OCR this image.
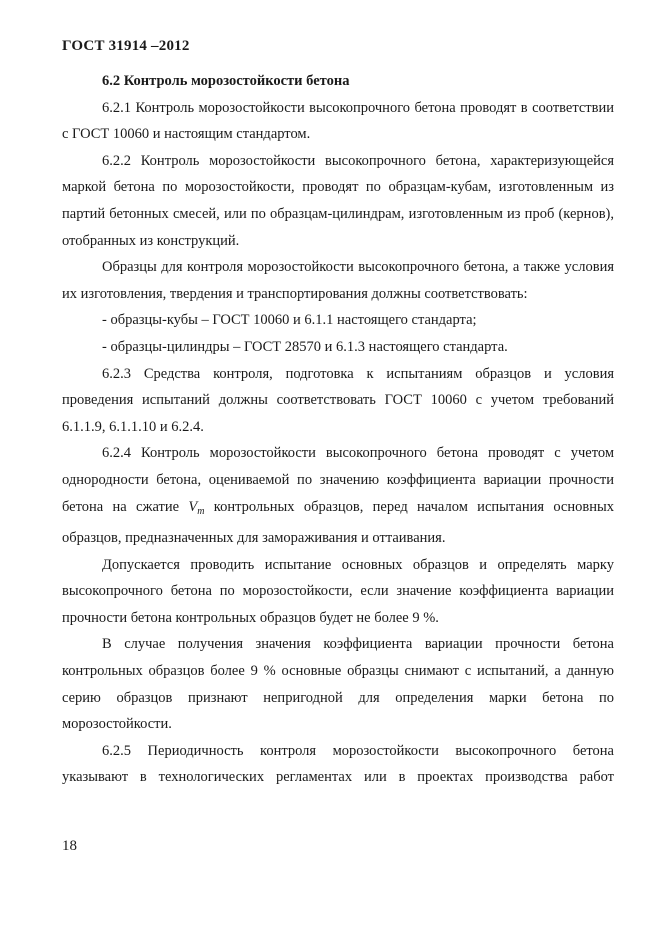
ГОСТ 31914 –2012

6.2 Контроль морозостойкости бетона

6.2.1 Контроль морозостойкости высокопрочного бетона проводят в соответствии с ГОСТ 10060 и настоящим стандартом.

6.2.2 Контроль морозостойкости высокопрочного бетона, характеризующейся маркой бетона по морозостойкости, проводят по образцам-кубам, изготовленным из партий бетонных смесей, или по образцам-цилиндрам, изготовленным из проб (кернов), отобранных из конструкций.

Образцы для контроля морозостойкости высокопрочного бетона, а также условия их изготовления, твердения и транспортирования должны соответствовать:

- образцы-кубы – ГОСТ 10060 и 6.1.1 настоящего стандарта;

- образцы-цилиндры – ГОСТ 28570 и 6.1.3 настоящего стандарта.

6.2.3 Средства контроля, подготовка к испытаниям образцов и условия проведения испытаний должны соответствовать ГОСТ 10060 с учетом требований 6.1.1.9, 6.1.1.10 и 6.2.4.

6.2.4 Контроль морозостойкости высокопрочного бетона проводят с учетом однородности бетона, оцениваемой по значению коэффициента вариации прочности бетона на сжатие $V_m$ контрольных образцов, перед началом испытания основных образцов, предназначенных для замораживания и оттаивания.

Допускается проводить испытание основных образцов и определять марку высокопрочного бетона по морозостойкости, если значение коэффициента вариации прочности бетона контрольных образцов будет не более 9 %.

В случае получения значения коэффициента вариации прочности бетона контрольных образцов более 9 % основные образцы снимают с испытаний, а данную серию образцов признают непригодной для определения марки бетона по морозостойкости.

6.2.5 Периодичность контроля морозостойкости высокопрочного бетона указывают в технологических регламентах или в проектах производства работ

18
